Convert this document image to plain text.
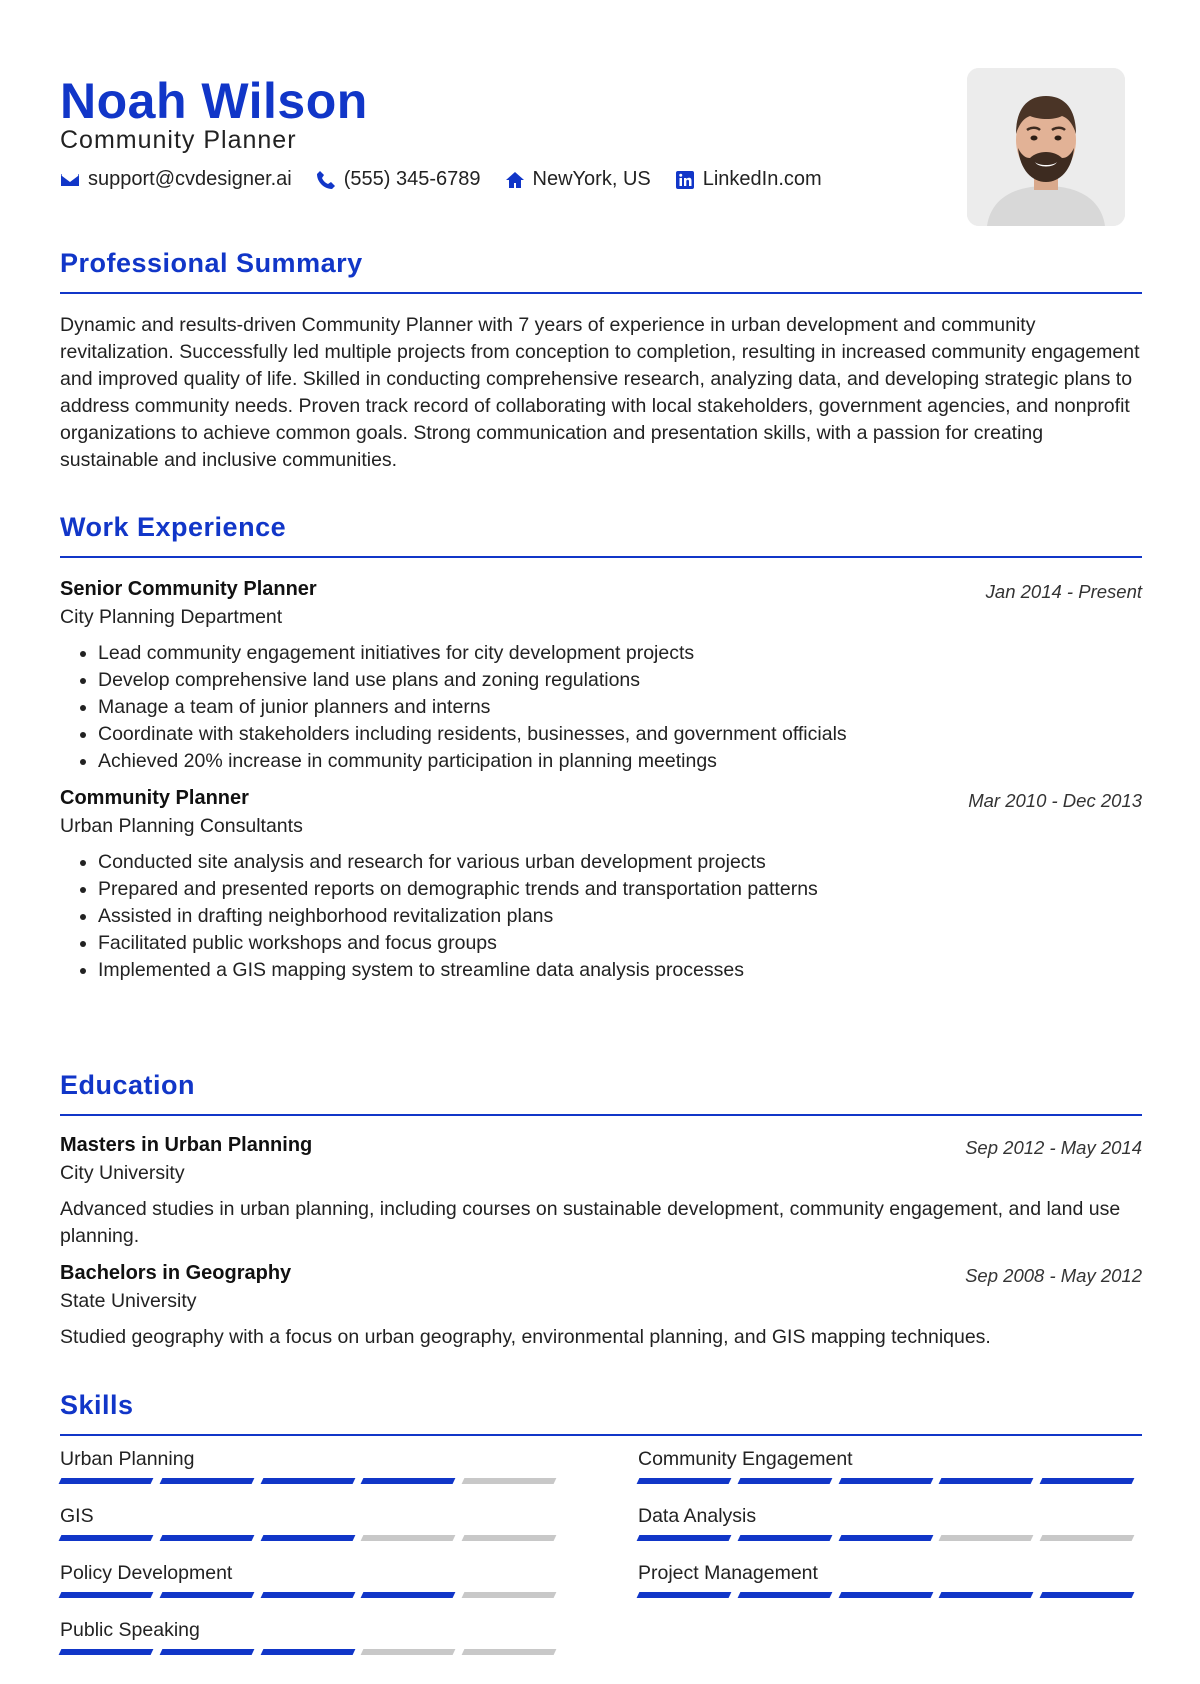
Noah Wilson
Community Planner
support@cvdesigner.ai	(555) 345-6789	NewYork, US	LinkedIn.com
Professional Summary
Dynamic and results-driven Community Planner with 7 years of experience in urban development and community revitalization. Successfully led multiple projects from conception to completion, resulting in increased community engagement and improved quality of life. Skilled in conducting comprehensive research, analyzing data, and developing strategic plans to address community needs. Proven track record of collaborating with local stakeholders, government agencies, and nonprofit organizations to achieve common goals. Strong communication and presentation skills, with a passion for creating sustainable and inclusive communities.
Work Experience
Senior Community Planner	Jan 2014 - Present
City Planning Department
Lead community engagement initiatives for city development projects
Develop comprehensive land use plans and zoning regulations
Manage a team of junior planners and interns
Coordinate with stakeholders including residents, businesses, and government officials
Achieved 20% increase in community participation in planning meetings
Community Planner	Mar 2010 - Dec 2013
Urban Planning Consultants
Conducted site analysis and research for various urban development projects
Prepared and presented reports on demographic trends and transportation patterns
Assisted in drafting neighborhood revitalization plans
Facilitated public workshops and focus groups
Implemented a GIS mapping system to streamline data analysis processes
Education
Masters in Urban Planning	Sep 2012 - May 2014
City University
Advanced studies in urban planning, including courses on sustainable development, community engagement, and land use planning.
Bachelors in Geography	Sep 2008 - May 2012
State University
Studied geography with a focus on urban geography, environmental planning, and GIS mapping techniques.
Skills
Urban Planning	Community Engagement
GIS	Data Analysis
Policy Development	Project Management
Public Speaking
